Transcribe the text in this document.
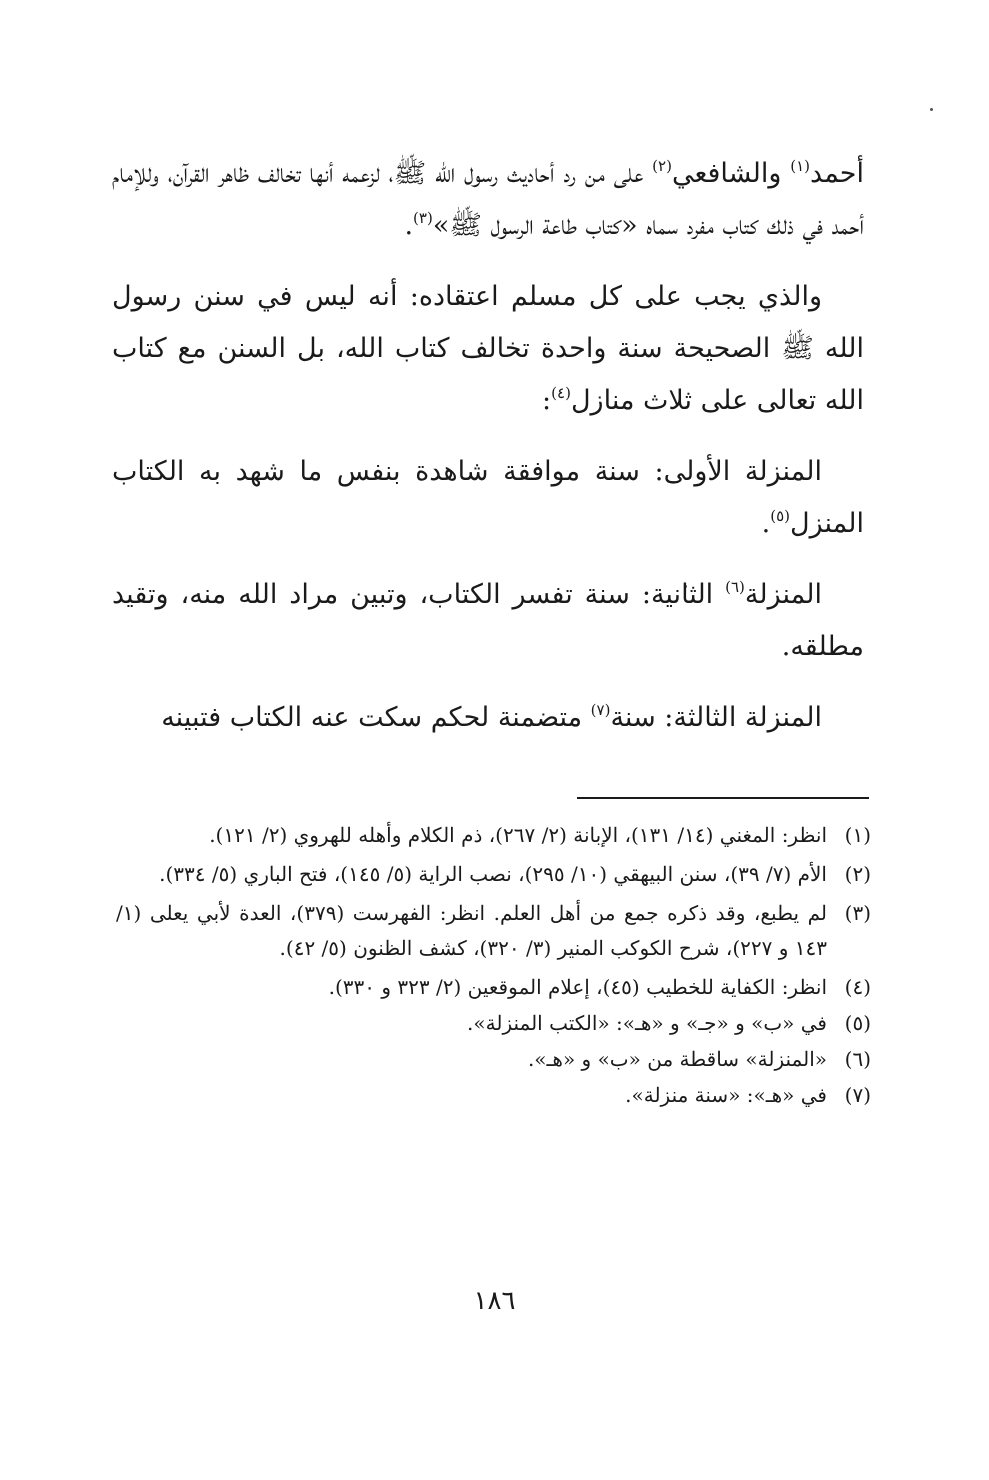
أحمد$^{(١)}$ والشافعي$^{(٢)}$ على من رد أحاديث رسول الله ﷺ، لزعمه أنها تخالف ظاهر القرآن، وللإمام أحمد في ذلك كتاب مفرد سماه «كتاب طاعة الرسول ﷺ»$^{(٣)}$.

والذي يجب على كل مسلم اعتقاده: أنه ليس في سنن رسول الله ﷺ الصحيحة سنة واحدة تخالف كتاب الله، بل السنن مع كتاب الله تعالى على ثلاث منازل$^{(٤)}$:

المنزلة الأولى: سنة موافقة شاهدة بنفس ما شهد به الكتاب المنزل$^{(٥)}$.

المنزلة$^{(٦)}$ الثانية: سنة تفسر الكتاب، وتبين مراد الله منه، وتقيد مطلقه.

المنزلة الثالثة: سنة$^{(٧)}$ متضمنة لحكم سكت عنه الكتاب فتبينه

(١)
انظر: المغني (١٤/ ١٣١)، الإبانة (٢/ ٢٦٧)، ذم الكلام وأهله للهروي (٢/ ١٢١).
(٢)
الأم (٧/ ٣٩)، سنن البيهقي (١٠/ ٢٩٥)، نصب الراية (٥/ ١٤٥)، فتح الباري (٥/ ٣٣٤).
(٣)
لم يطبع، وقد ذكره جمع من أهل العلم. انظر: الفهرست (٣٧٩)، العدة لأبي يعلى (١/ ١٤٣ و ٢٢٧)، شرح الكوكب المنير (٣/ ٣٢٠)، كشف الظنون (٥/ ٤٢).
(٤)
انظر: الكفاية للخطيب (٤٥)، إعلام الموقعين (٢/ ٣٢٣ و ٣٣٠).
(٥)
في «ب» و «جـ» و «هـ»: «الكتب المنزلة».
(٦)
«المنزلة» ساقطة من «ب» و «هـ».
(٧)
في «هـ»: «سنة منزلة».
١٨٦
